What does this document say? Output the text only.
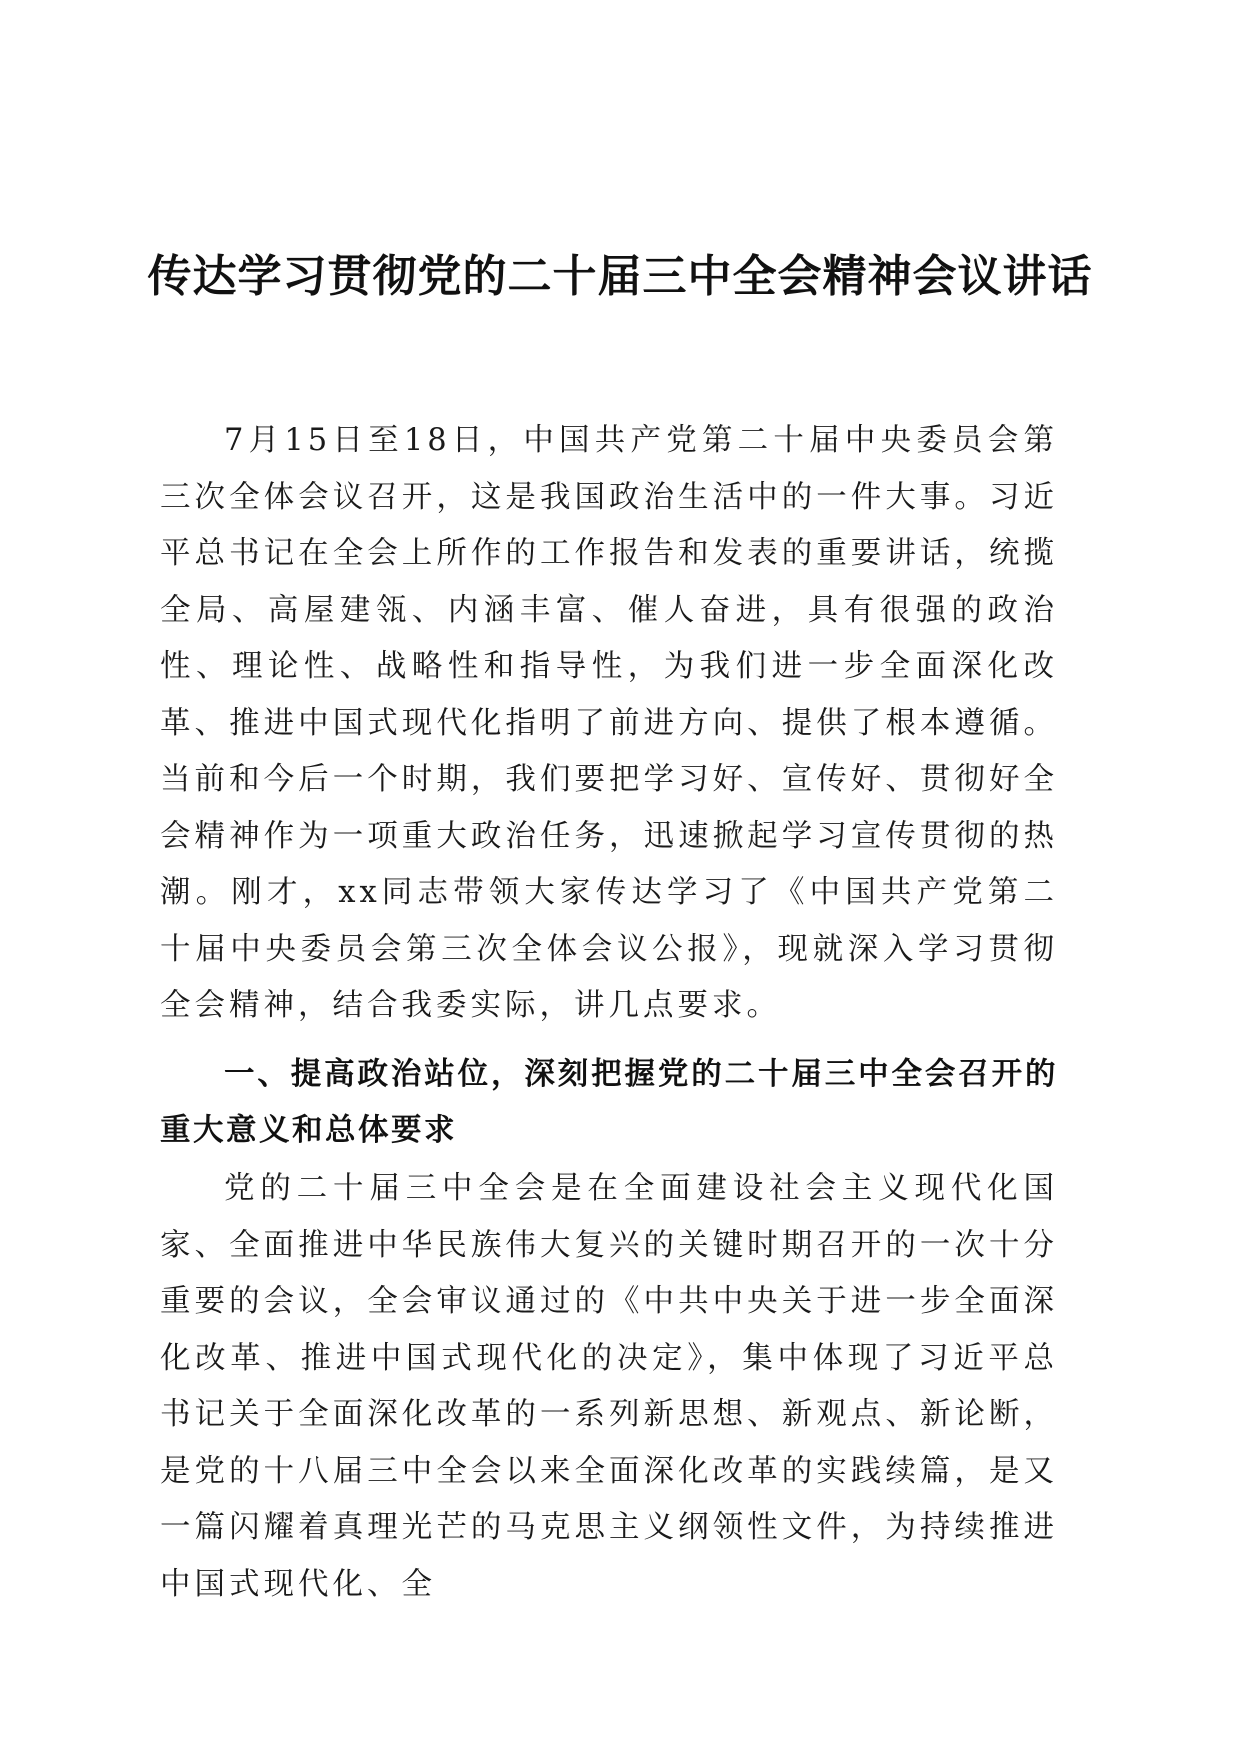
传达学习贯彻党的二十届三中全会精神会议讲话

7月15日至18日，中国共产党第二十届中央委员会第三次全体会议召开，这是我国政治生活中的一件大事。习近平总书记在全会上所作的工作报告和发表的重要讲话，统揽全局、高屋建瓴、内涵丰富、催人奋进，具有很强的政治性、理论性、战略性和指导性，为我们进一步全面深化改革、推进中国式现代化指明了前进方向、提供了根本遵循。当前和今后一个时期，我们要把学习好、宣传好、贯彻好全会精神作为一项重大政治任务，迅速掀起学习宣传贯彻的热潮。刚才，xx同志带领大家传达学习了《中国共产党第二十届中央委员会第三次全体会议公报》，现就深入学习贯彻全会精神，结合我委实际，讲几点要求。

一、提高政治站位，深刻把握党的二十届三中全会召开的重大意义和总体要求

党的二十届三中全会是在全面建设社会主义现代化国家、全面推进中华民族伟大复兴的关键时期召开的一次十分重要的会议，全会审议通过的《中共中央关于进一步全面深化改革、推进中国式现代化的决定》，集中体现了习近平总书记关于全面深化改革的一系列新思想、新观点、新论断，是党的十八届三中全会以来全面深化改革的实践续篇，是又一篇闪耀着真理光芒的马克思主义纲领性文件，为持续推进中国式现代化、全
